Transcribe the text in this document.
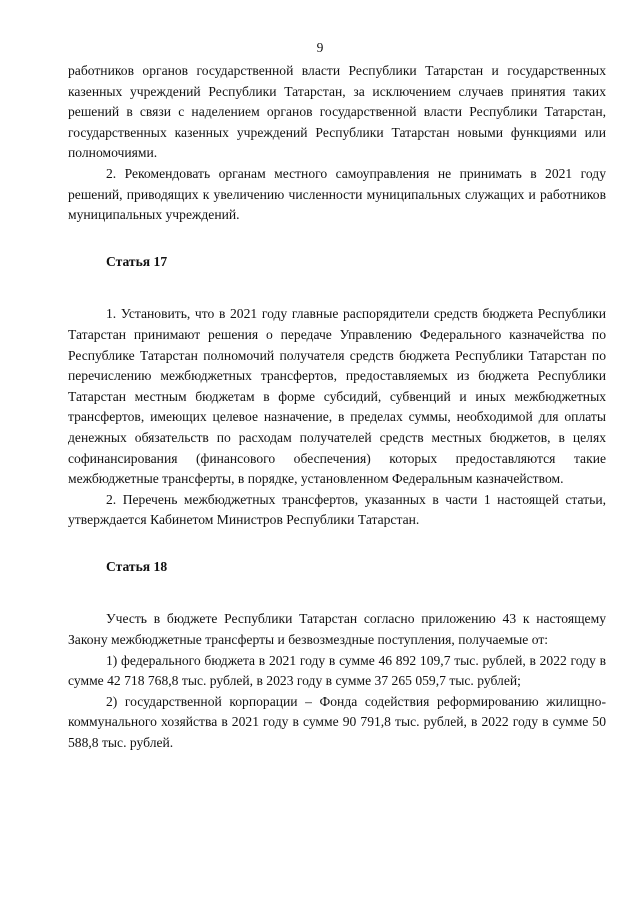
9

работников органов государственной власти Республики Татарстан и государственных казенных учреждений Республики Татарстан, за исключением случаев принятия таких решений в связи с наделением органов государственной власти Республики Татарстан, государственных казенных учреждений Республики Татарстан новыми функциями или полномочиями.

2. Рекомендовать органам местного самоуправления не принимать в 2021 году решений, приводящих к увеличению численности муниципальных служащих и работников муниципальных учреждений.

Статья 17

1. Установить, что в 2021 году главные распорядители средств бюджета Республики Татарстан принимают решения о передаче Управлению Федерального казначейства по Республике Татарстан полномочий получателя средств бюджета Республики Татарстан по перечислению межбюджетных трансфертов, предоставляемых из бюджета Республики Татарстан местным бюджетам в форме субсидий, субвенций и иных межбюджетных трансфертов, имеющих целевое назначение, в пределах суммы, необходимой для оплаты денежных обязательств по расходам получателей средств местных бюджетов, в целях софинансирования (финансового обеспечения) которых предоставляются такие межбюджетные трансферты, в порядке, установленном Федеральным казначейством.

2. Перечень межбюджетных трансфертов, указанных в части 1 настоящей статьи, утверждается Кабинетом Министров Республики Татарстан.

Статья 18

Учесть в бюджете Республики Татарстан согласно приложению 43 к настоящему Закону межбюджетные трансферты и безвозмездные поступления, получаемые от:

1) федерального бюджета в 2021 году в сумме 46 892 109,7 тыс. рублей, в 2022 году в сумме 42 718 768,8 тыс. рублей, в 2023 году в сумме 37 265 059,7 тыс. рублей;

2) государственной корпорации – Фонда содействия реформированию жилищно-коммунального хозяйства в 2021 году в сумме 90 791,8 тыс. рублей, в 2022 году в сумме 50 588,8 тыс. рублей.
